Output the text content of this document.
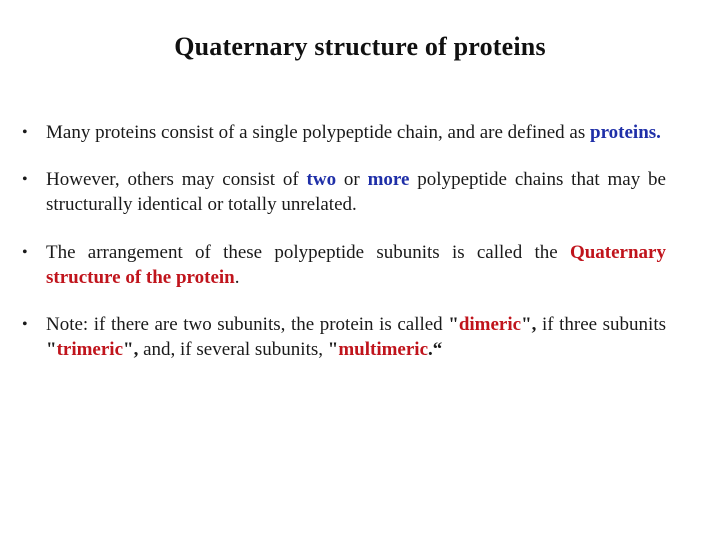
Quaternary structure of proteins
• Many proteins consist of a single polypeptide chain, and are defined as proteins.
• However, others may consist of two or more polypeptide chains that may be structurally identical or totally unrelated.
• The arrangement of these polypeptide subunits is called the Quaternary structure of the protein.
• Note: if there are two subunits, the protein is called "dimeric", if three subunits "trimeric", and, if several subunits, "multimeric.“
